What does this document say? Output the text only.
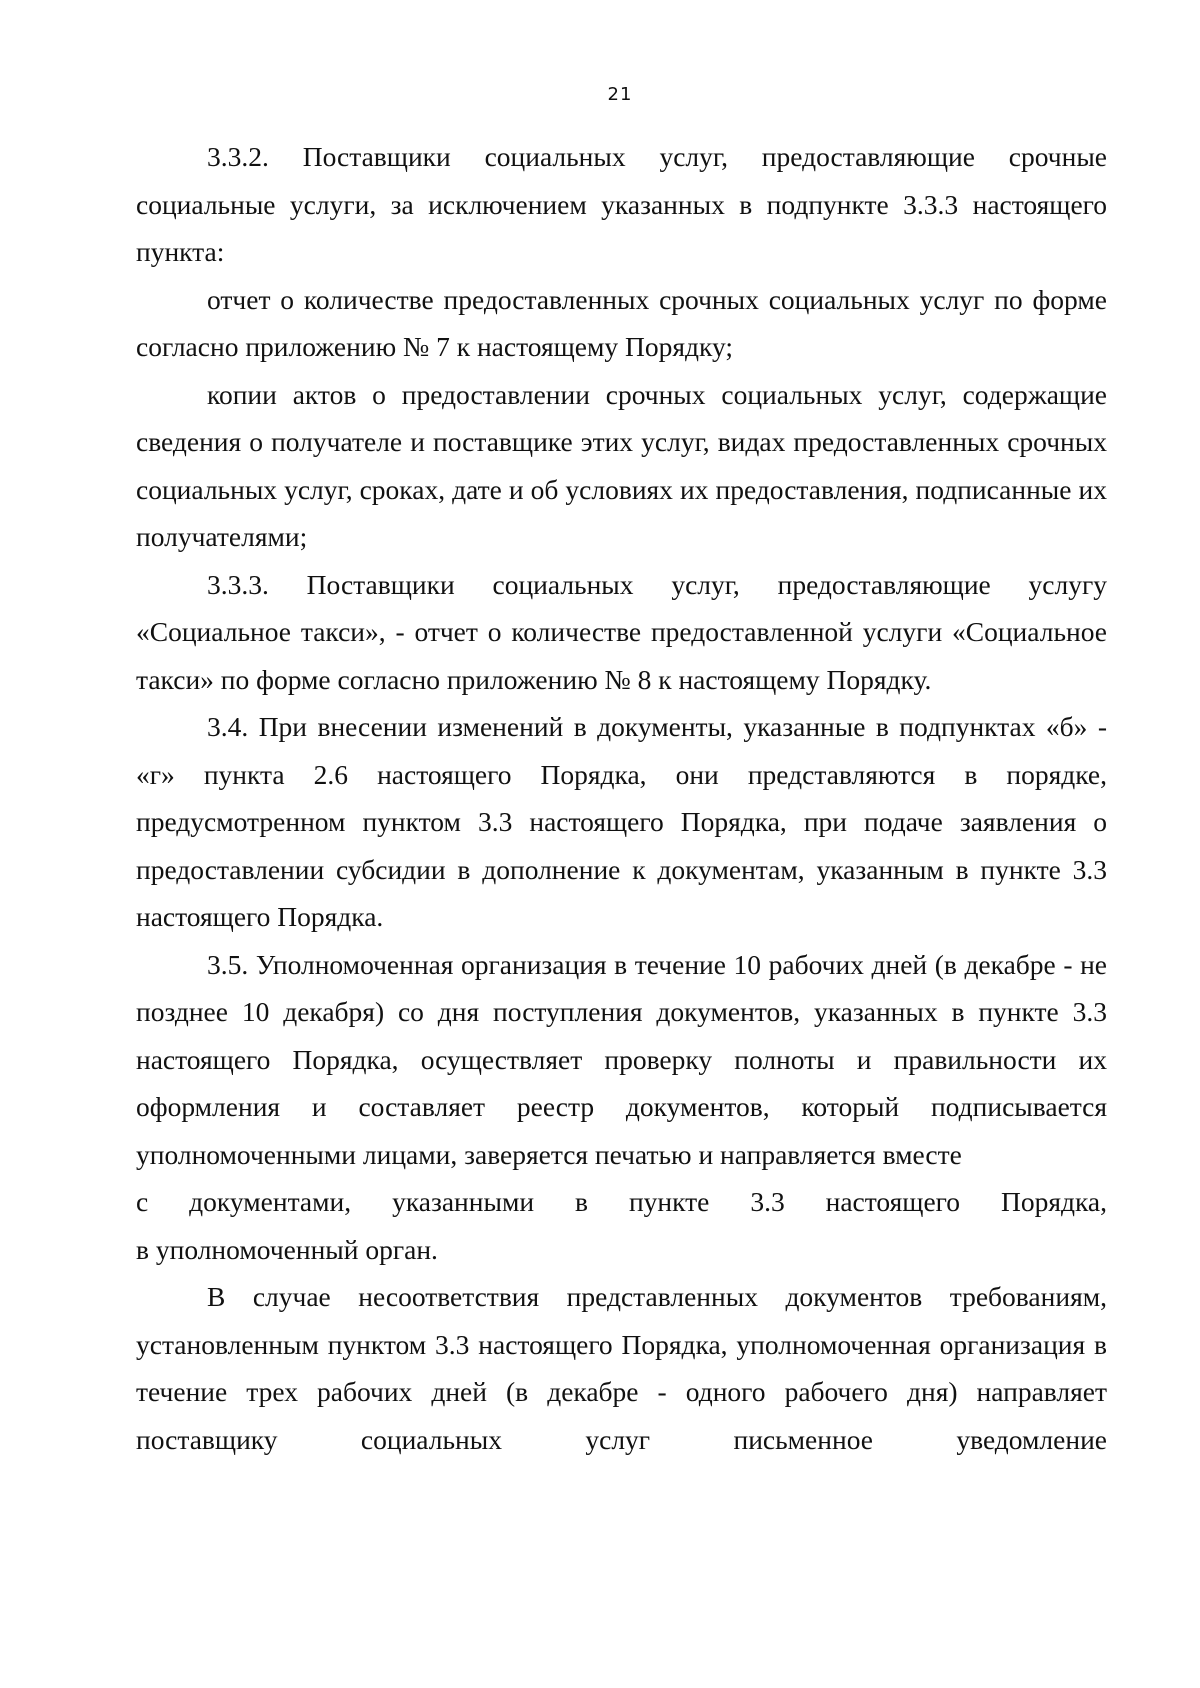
21

3.3.2. Поставщики социальных услуг, предоставляющие срочные социальные услуги, за исключением указанных в подпункте 3.3.3 настоящего пункта:

отчет о количестве предоставленных срочных социальных услуг по форме согласно приложению № 7 к настоящему Порядку;

копии актов о предоставлении срочных социальных услуг, содержащие сведения о получателе и поставщике этих услуг, видах предоставленных срочных социальных услуг, сроках, дате и об условиях их предоставления, подписанные их получателями;

3.3.3. Поставщики социальных услуг, предоставляющие услугу «Социальное такси», - отчет о количестве предоставленной услуги «Социальное такси» по форме согласно приложению № 8 к настоящему Порядку.

3.4. При внесении изменений в документы, указанные в подпунктах «б» - «г» пункта 2.6 настоящего Порядка, они представляются в порядке, предусмотренном пунктом 3.3 настоящего Порядка, при подаче заявления о предоставлении субсидии в дополнение к документам, указанным в пункте 3.3 настоящего Порядка.

3.5. Уполномоченная организация в течение 10 рабочих дней (в декабре - не позднее 10 декабря) со дня поступления документов, указанных в пункте 3.3 настоящего Порядка, осуществляет проверку полноты и правильности их оформления и составляет реестр документов, который подписывается уполномоченными лицами, заверяется печатью и направляется вместе

с документами, указанными в пункте 3.3 настоящего Порядка,

в уполномоченный орган.

В случае несоответствия представленных документов требованиям, установленным пунктом 3.3 настоящего Порядка, уполномоченная организация в течение трех рабочих дней (в декабре - одного рабочего дня) направляет поставщику социальных услуг письменное уведомление
